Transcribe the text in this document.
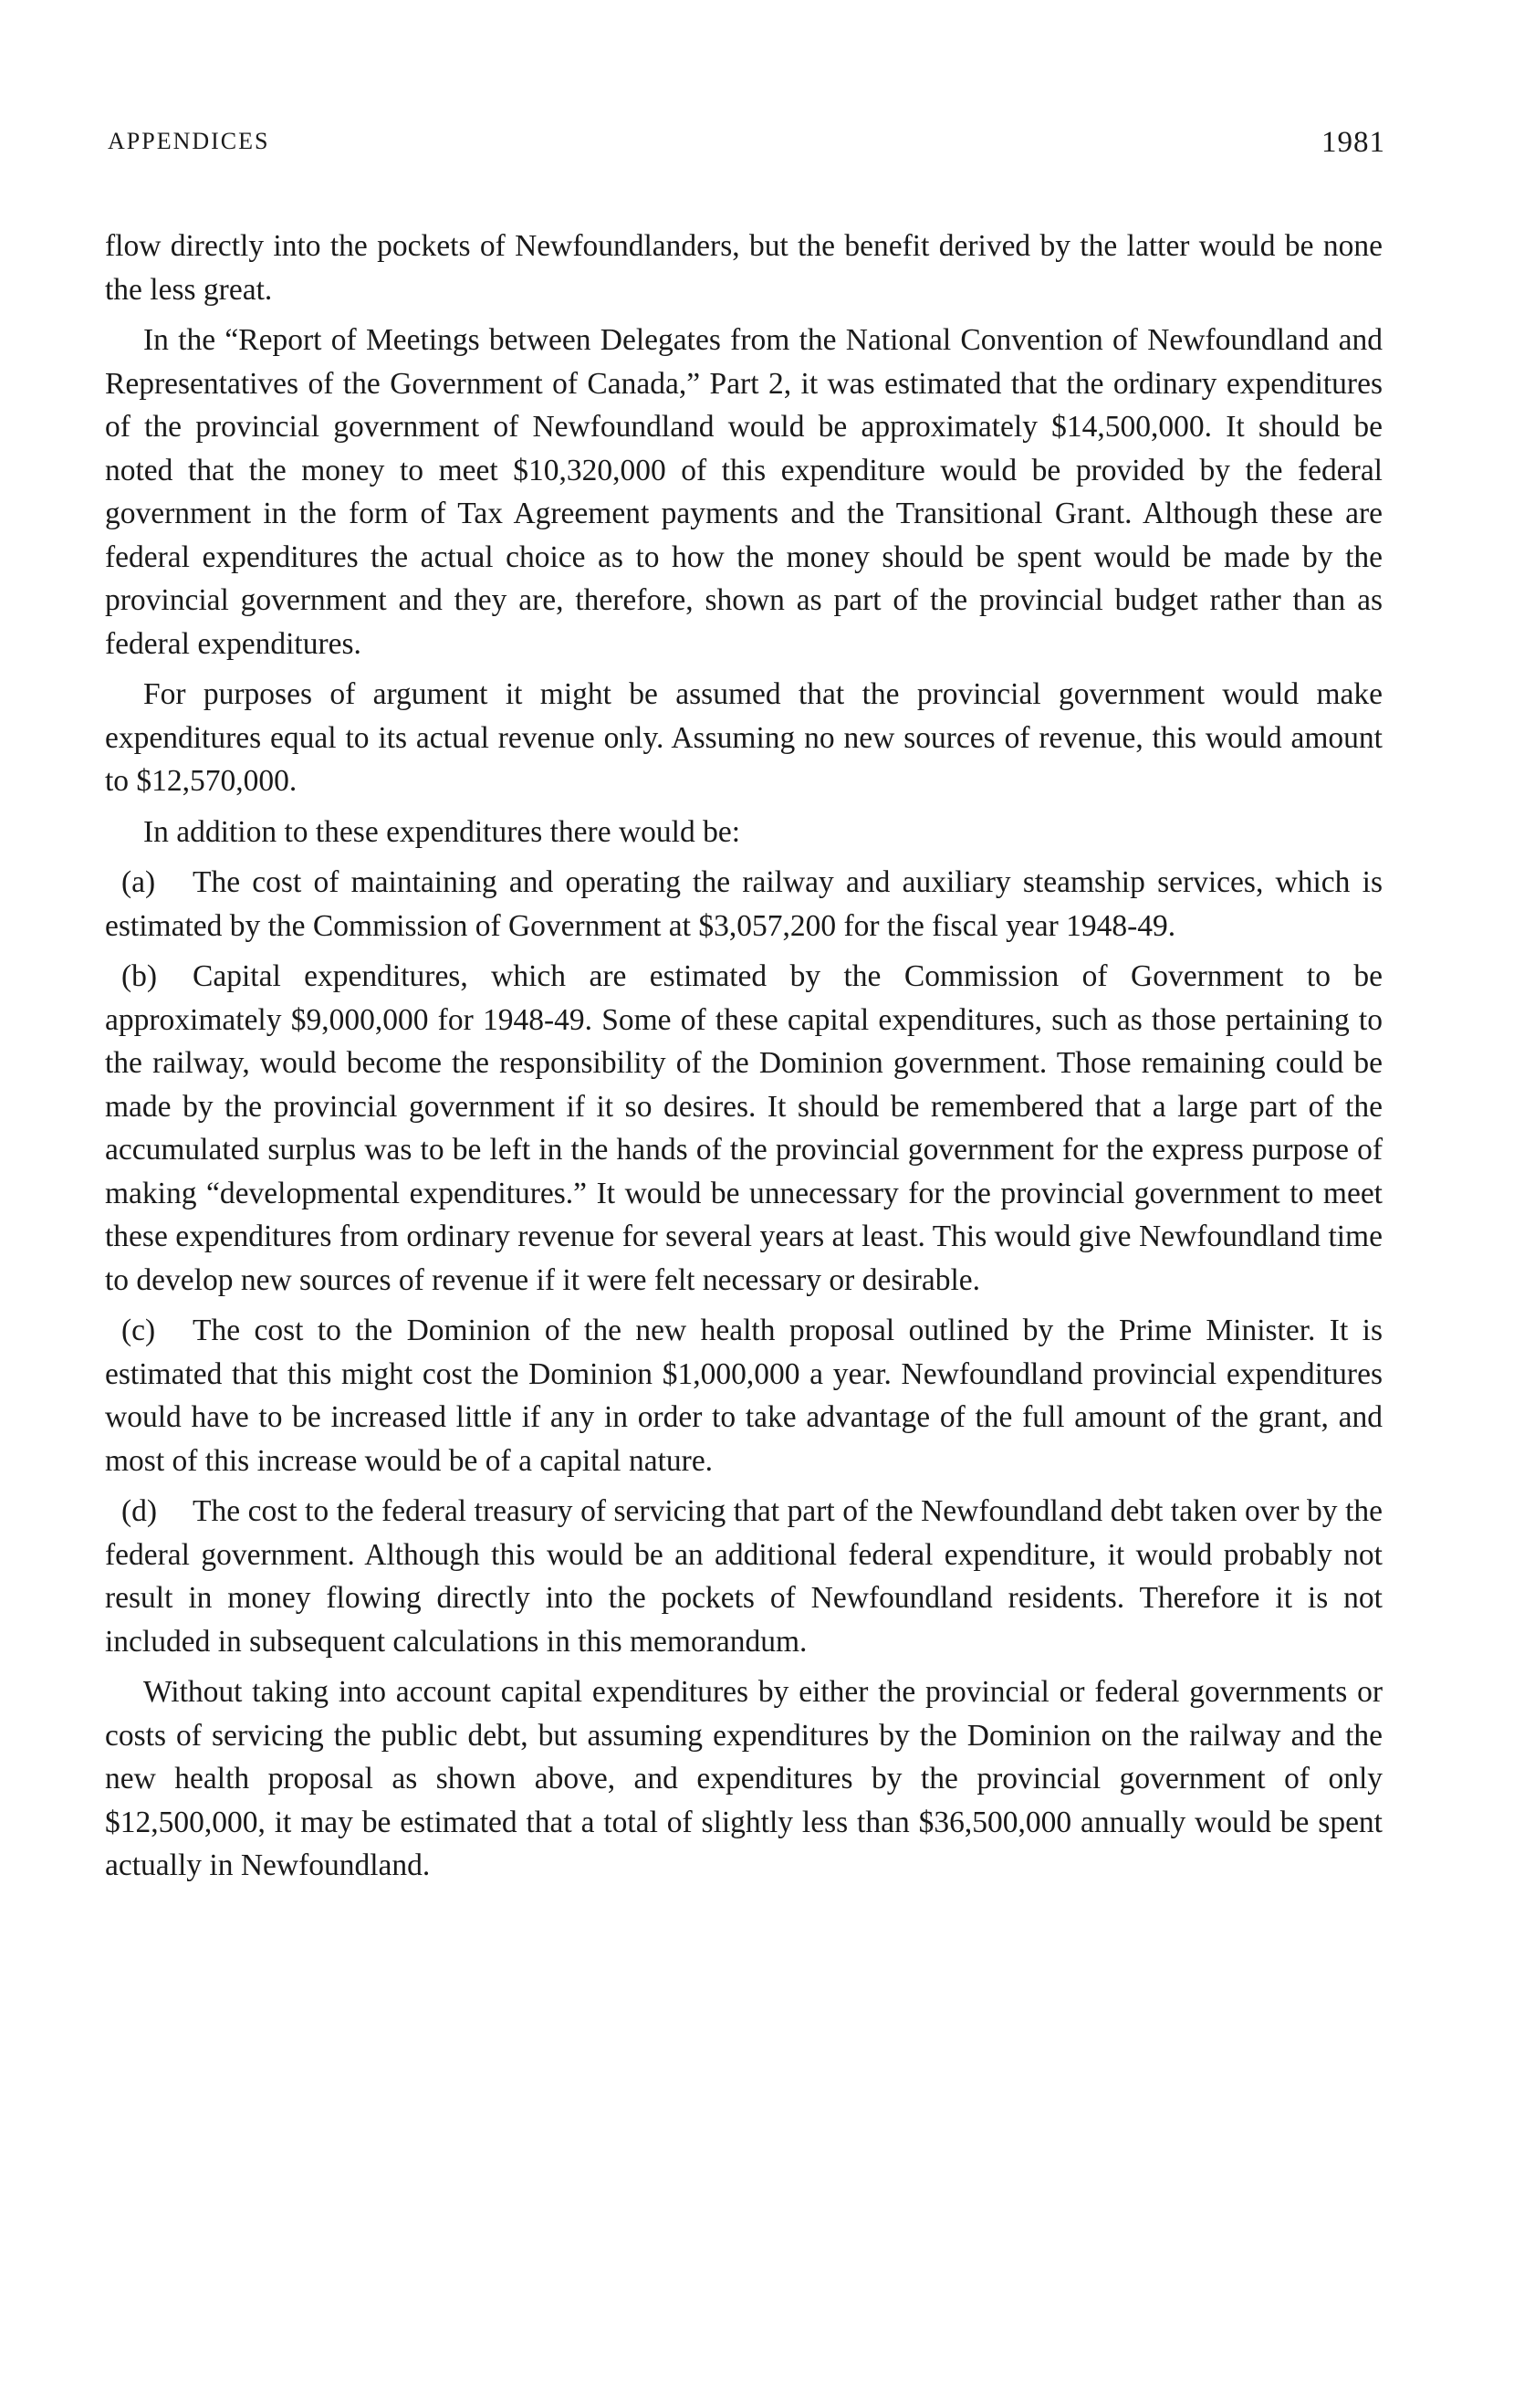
APPENDICES	1981

flow directly into the pockets of Newfoundlanders, but the benefit derived by the latter would be none the less great.

In the “Report of Meetings between Delegates from the National Convention of Newfoundland and Representatives of the Government of Canada,” Part 2, it was estimated that the ordinary expenditures of the provincial government of Newfoundland would be approximately $14,500,000. It should be noted that the money to meet $10,320,000 of this expenditure would be provided by the federal government in the form of Tax Agreement payments and the Transitional Grant. Although these are federal expenditures the actual choice as to how the money should be spent would be made by the provincial government and they are, therefore, shown as part of the provincial budget rather than as federal expenditures.

For purposes of argument it might be assumed that the provincial government would make expenditures equal to its actual revenue only. Assuming no new sources of revenue, this would amount to $12,570,000.

In addition to these expenditures there would be:

(a) The cost of maintaining and operating the railway and auxiliary steamship services, which is estimated by the Commission of Government at $3,057,200 for the fiscal year 1948-49.

(b) Capital expenditures, which are estimated by the Commission of Government to be approximately $9,000,000 for 1948-49. Some of these capital expenditures, such as those pertaining to the railway, would become the responsibility of the Dominion government. Those remaining could be made by the provincial government if it so desires. It should be remembered that a large part of the accumulated surplus was to be left in the hands of the provincial government for the express purpose of making “developmental expenditures.” It would be unnecessary for the provincial government to meet these expenditures from ordinary revenue for several years at least. This would give Newfoundland time to develop new sources of revenue if it were felt necessary or desirable.

(c) The cost to the Dominion of the new health proposal outlined by the Prime Minister. It is estimated that this might cost the Dominion $1,000,000 a year. Newfoundland provincial expenditures would have to be increased little if any in order to take advantage of the full amount of the grant, and most of this increase would be of a capital nature.

(d) The cost to the federal treasury of servicing that part of the Newfoundland debt taken over by the federal government. Although this would be an additional federal expenditure, it would probably not result in money flowing directly into the pockets of Newfoundland residents. Therefore it is not included in subsequent calculations in this memorandum.

Without taking into account capital expenditures by either the provincial or federal governments or costs of servicing the public debt, but assuming expenditures by the Dominion on the railway and the new health proposal as shown above, and expenditures by the provincial government of only $12,500,000, it may be estimated that a total of slightly less than $36,500,000 annually would be spent actually in Newfoundland.
